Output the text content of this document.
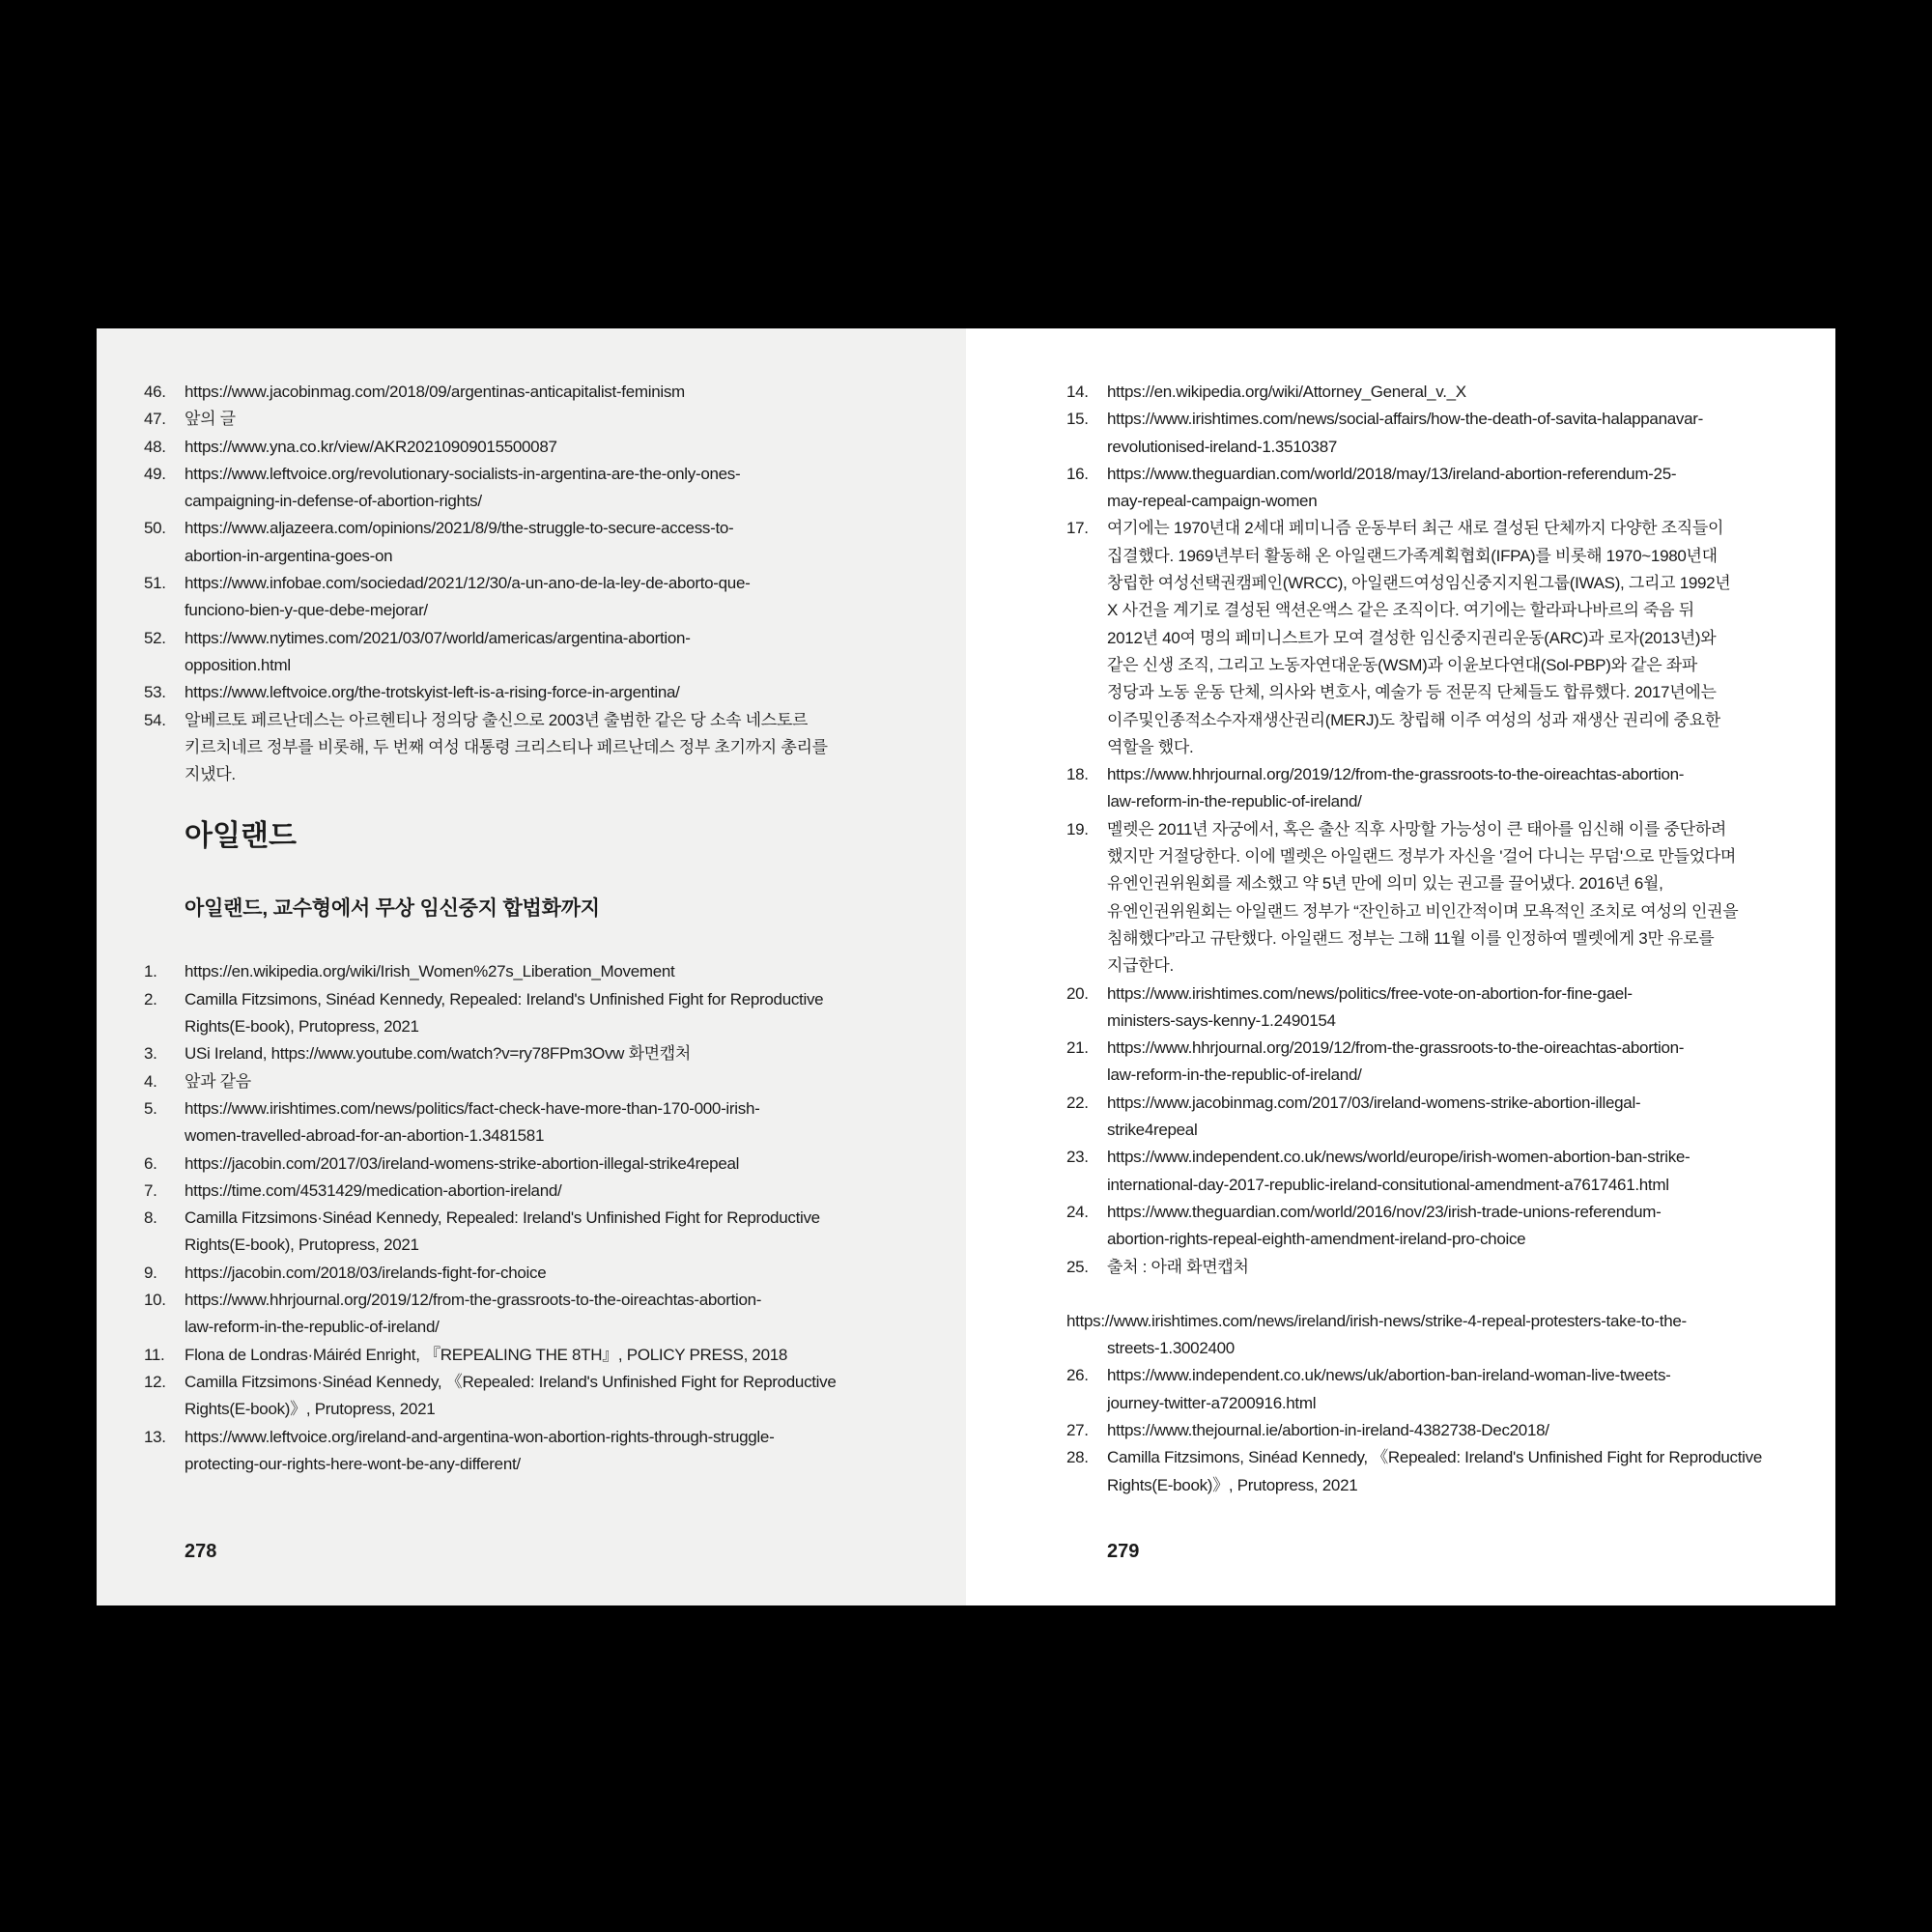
46.	https://www.jacobinmag.com/2018/09/argentinas-anticapitalist-feminism
47.	앞의 글
48.	https://www.yna.co.kr/view/AKR20210909015500087
49.	https://www.leftvoice.org/revolutionary-socialists-in-argentina-are-the-only-ones-
campaigning-in-defense-of-abortion-rights/
50.	https://www.aljazeera.com/opinions/2021/8/9/the-struggle-to-secure-access-to-
abortion-in-argentina-goes-on
51.	https://www.infobae.com/sociedad/2021/12/30/a-un-ano-de-la-ley-de-aborto-que-
funciono-bien-y-que-debe-mejorar/
52.	https://www.nytimes.com/2021/03/07/world/americas/argentina-abortion-
opposition.html
53.	https://www.leftvoice.org/the-trotskyist-left-is-a-rising-force-in-argentina/
54.	알베르토 페르난데스는 아르헨티나 정의당 출신으로 2003년 출범한 같은 당 소속 네스토르
키르치네르 정부를 비롯해, 두 번째 여성 대통령 크리스티나 페르난데스 정부 초기까지 총리를
지냈다.
아일랜드
아일랜드, 교수형에서 무상 임신중지 합법화까지
1.	https://en.wikipedia.org/wiki/Irish_Women%27s_Liberation_Movement
2.	Camilla Fitzsimons, Sinéad Kennedy, Repealed: Ireland's Unfinished Fight for Reproductive
Rights(E-book), Prutopress, 2021
3.	USi Ireland, https://www.youtube.com/watch?v=ry78FPm3Ovw 화면캡처
4.	앞과 같음
5.	https://www.irishtimes.com/news/politics/fact-check-have-more-than-170-000-irish-
women-travelled-abroad-for-an-abortion-1.3481581
6.	https://jacobin.com/2017/03/ireland-womens-strike-abortion-illegal-strike4repeal
7.	https://time.com/4531429/medication-abortion-ireland/
8.	Camilla Fitzsimons·Sinéad Kennedy, Repealed: Ireland's Unfinished Fight for Reproductive
Rights(E-book), Prutopress, 2021
9.	https://jacobin.com/2018/03/irelands-fight-for-choice
10.	https://www.hhrjournal.org/2019/12/from-the-grassroots-to-the-oireachtas-abortion-
law-reform-in-the-republic-of-ireland/
11.	Flona de Londras·Máiréd Enright, 『REPEALING THE 8TH』, POLICY PRESS, 2018
12.	Camilla Fitzsimons·Sinéad Kennedy, 《Repealed: Ireland's Unfinished Fight for Reproductive
Rights(E-book)》, Prutopress, 2021
13.	https://www.leftvoice.org/ireland-and-argentina-won-abortion-rights-through-struggle-
protecting-our-rights-here-wont-be-any-different/
278
14.	https://en.wikipedia.org/wiki/Attorney_General_v._X
15.	https://www.irishtimes.com/news/social-affairs/how-the-death-of-savita-halappanavar-
revolutionised-ireland-1.3510387
16.	https://www.theguardian.com/world/2018/may/13/ireland-abortion-referendum-25-
may-repeal-campaign-women
17.	여기에는 1970년대 2세대 페미니즘 운동부터 최근 새로 결성된 단체까지 다양한 조직들이
집결했다. 1969년부터 활동해 온 아일랜드가족계획협회(IFPA)를 비롯해 1970~1980년대
창립한 여성선택권캠페인(WRCC), 아일랜드여성임신중지지원그룹(IWAS), 그리고 1992년
X 사건을 계기로 결성된 액션온액스 같은 조직이다. 여기에는 할라파나바르의 죽음 뒤
2012년 40여 명의 페미니스트가 모여 결성한 임신중지권리운동(ARC)과 로자(2013년)와
같은 신생 조직, 그리고 노동자연대운동(WSM)과 이윤보다연대(Sol-PBP)와 같은 좌파
정당과 노동 운동 단체, 의사와 변호사, 예술가 등 전문직 단체들도 합류했다. 2017년에는
이주및인종적소수자재생산권리(MERJ)도 창립해 이주 여성의 성과 재생산 권리에 중요한
역할을 했다.
18.	https://www.hhrjournal.org/2019/12/from-the-grassroots-to-the-oireachtas-abortion-
law-reform-in-the-republic-of-ireland/
19.	멜렛은 2011년 자궁에서, 혹은 출산 직후 사망할 가능성이 큰 태아를 임신해 이를 중단하려
했지만 거절당한다. 이에 멜렛은 아일랜드 정부가 자신을 '걸어 다니는 무덤'으로 만들었다며
유엔인권위원회를 제소했고 약 5년 만에 의미 있는 권고를 끌어냈다. 2016년 6월,
유엔인권위원회는 아일랜드 정부가 “잔인하고 비인간적이며 모욕적인 조치로 여성의 인권을
침해했다”라고 규탄했다. 아일랜드 정부는 그해 11월 이를 인정하여 멜렛에게 3만 유로를
지급한다.
20.	https://www.irishtimes.com/news/politics/free-vote-on-abortion-for-fine-gael-
ministers-says-kenny-1.2490154
21.	https://www.hhrjournal.org/2019/12/from-the-grassroots-to-the-oireachtas-abortion-
law-reform-in-the-republic-of-ireland/
22.	https://www.jacobinmag.com/2017/03/ireland-womens-strike-abortion-illegal-
strike4repeal
23.	https://www.independent.co.uk/news/world/europe/irish-women-abortion-ban-strike-
international-day-2017-republic-ireland-consitutional-amendment-a7617461.html
24.	https://www.theguardian.com/world/2016/nov/23/irish-trade-unions-referendum-
abortion-rights-repeal-eighth-amendment-ireland-pro-choice
25.	출처 : 아래 화면캡처
https://www.irishtimes.com/news/ireland/irish-news/strike-4-repeal-protesters-take-to-the-
streets-1.3002400
26.	https://www.independent.co.uk/news/uk/abortion-ban-ireland-woman-live-tweets-
journey-twitter-a7200916.html
27.	https://www.thejournal.ie/abortion-in-ireland-4382738-Dec2018/
28.	Camilla Fitzsimons, Sinéad Kennedy, 《Repealed: Ireland's Unfinished Fight for Reproductive
Rights(E-book)》, Prutopress, 2021
279
